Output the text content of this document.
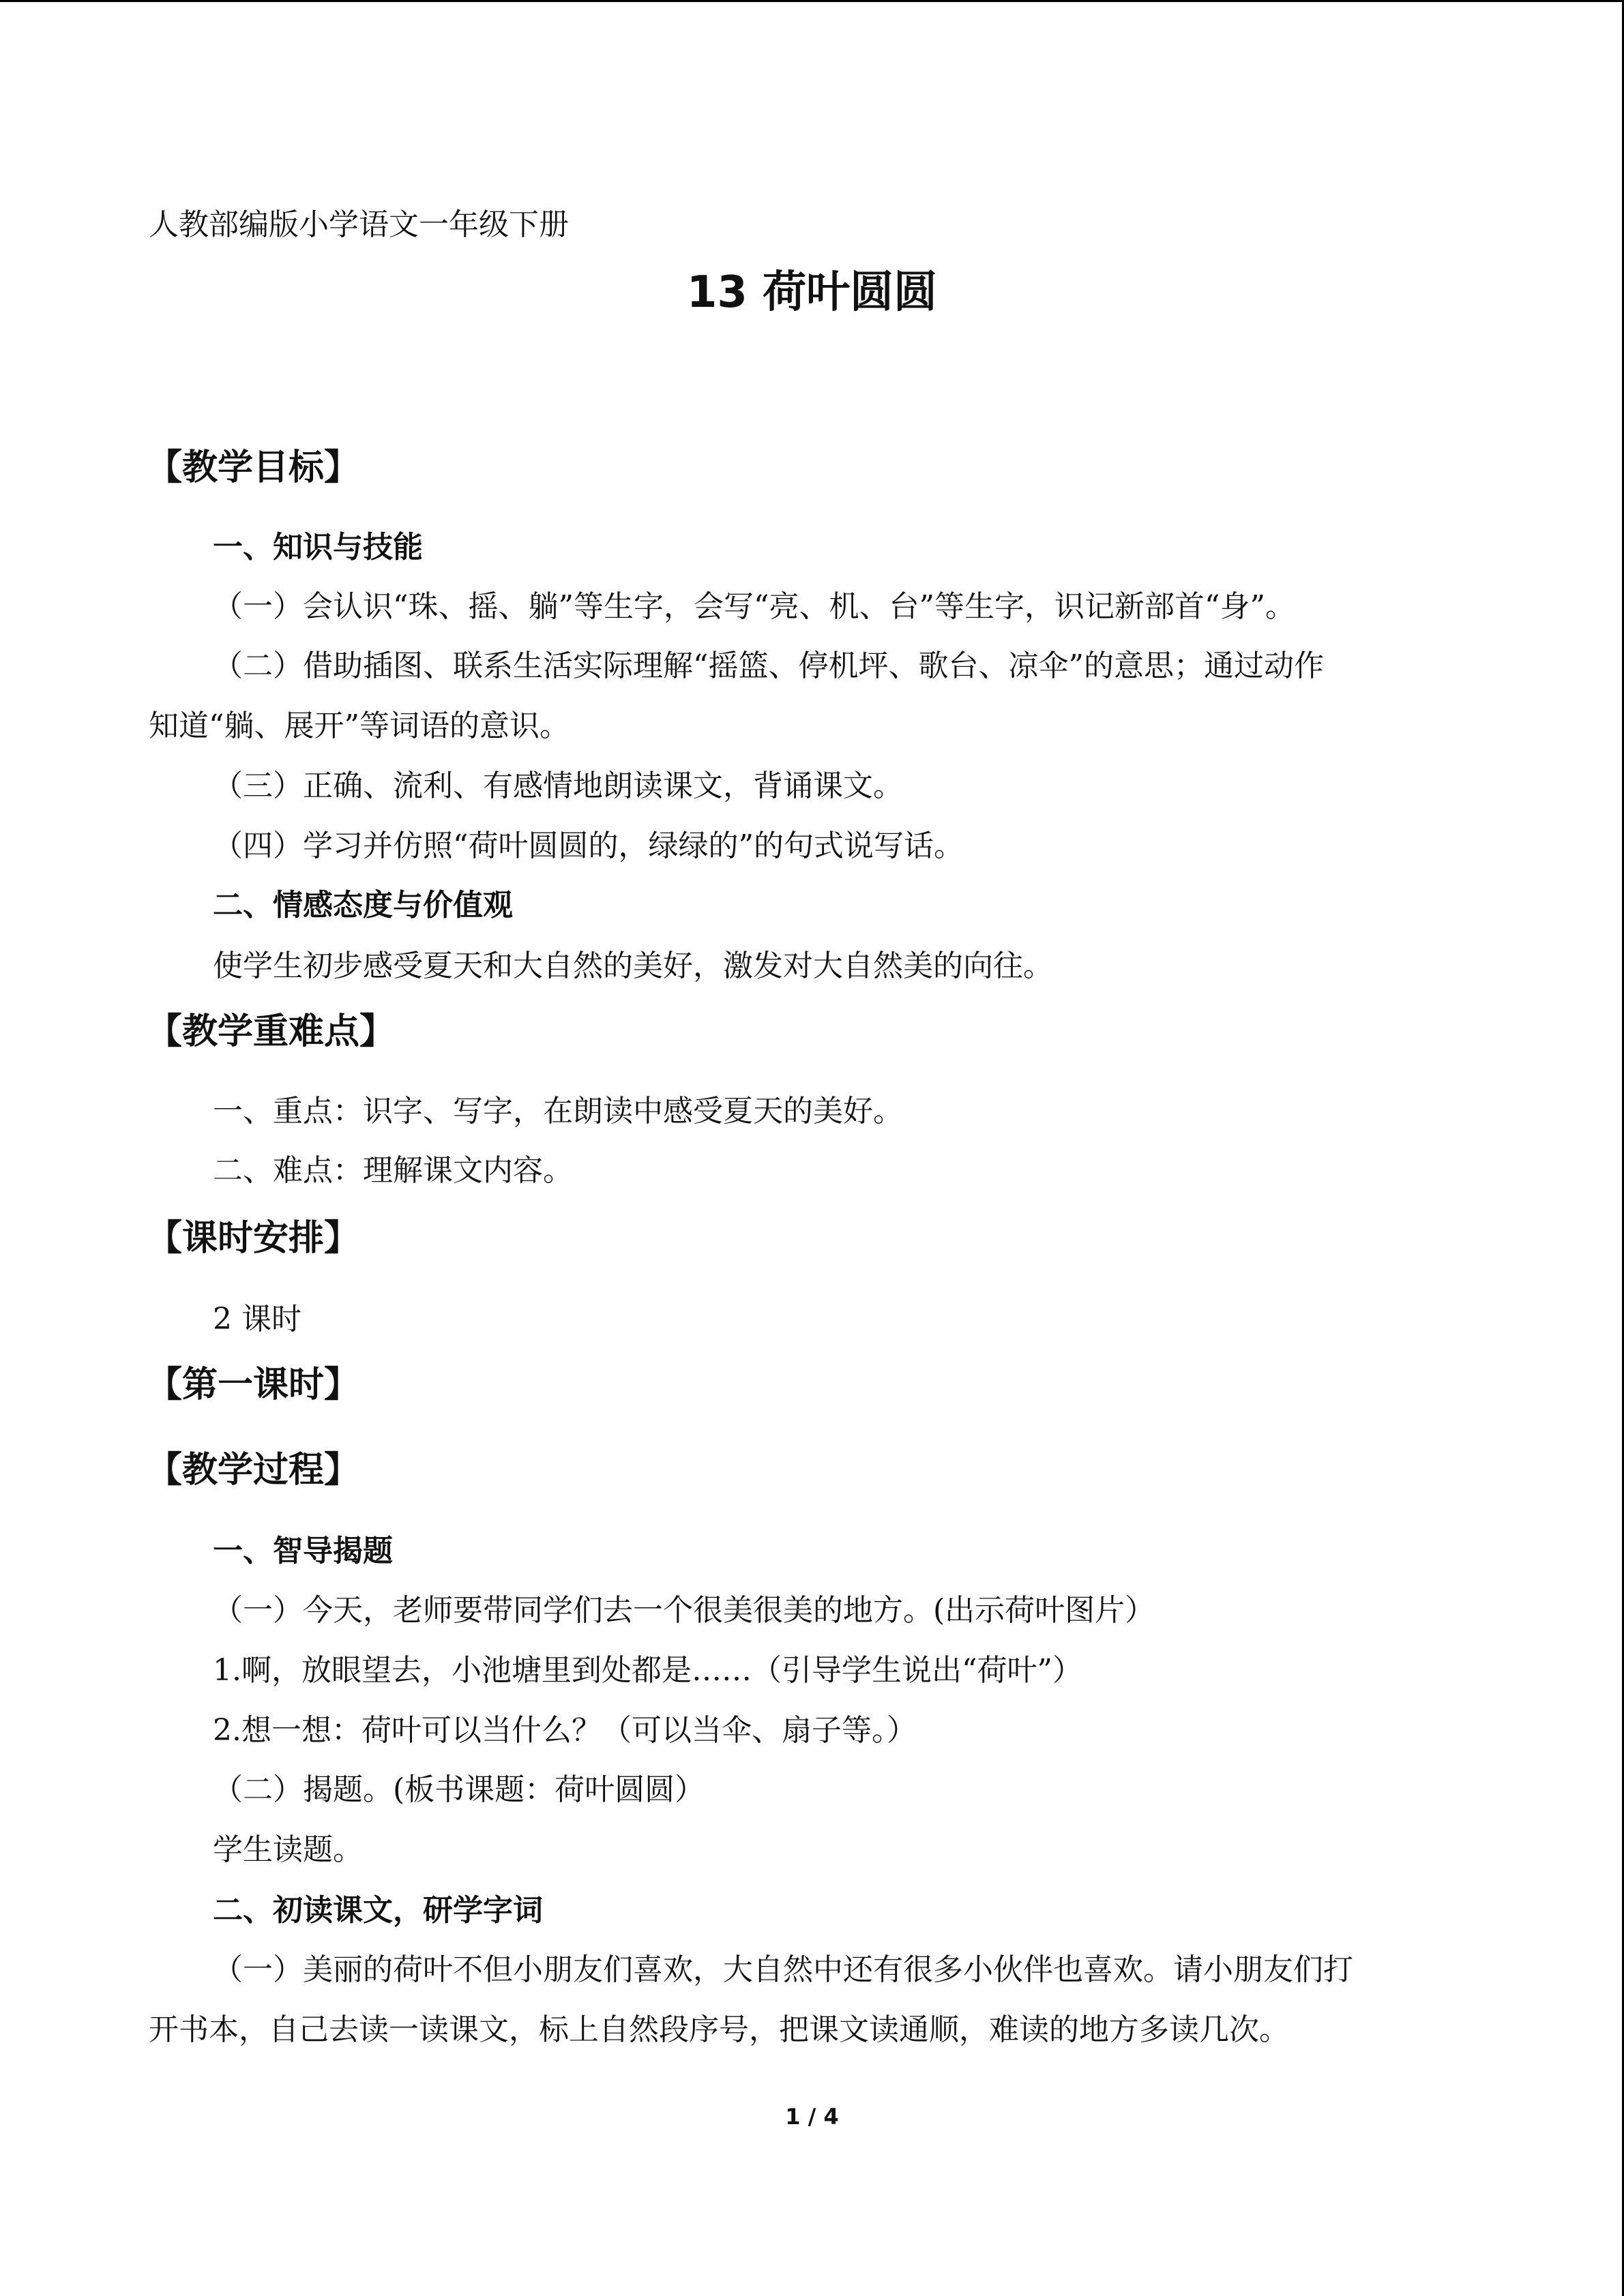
人教部编版小学语文一年级下册
13 荷叶圆圆
【教学目标】
一、知识与技能
（一）会认识“珠、摇、躺”等生字，会写“亮、机、台”等生字，识记新部首“身”。
（二）借助插图、联系生活实际理解“摇篮、停机坪、歌台、凉伞”的意思；通过动作
知道“躺、展开”等词语的意识。
（三）正确、流利、有感情地朗读课文，背诵课文。
（四）学习并仿照“荷叶圆圆的，绿绿的”的句式说写话。
二、情感态度与价值观
使学生初步感受夏天和大自然的美好，激发对大自然美的向往。
【教学重难点】
一、重点：识字、写字，在朗读中感受夏天的美好。
二、难点：理解课文内容。
【课时安排】
2 课时
【第一课时】
【教学过程】
一、智导揭题
（一）今天，老师要带同学们去一个很美很美的地方。(出示荷叶图片）
1.啊，放眼望去，小池塘里到处都是……（引导学生说出“荷叶”）
2.想一想：荷叶可以当什么？（可以当伞、扇子等。）
（二）揭题。(板书课题：荷叶圆圆）
学生读题。
二、初读课文，研学字词
（一）美丽的荷叶不但小朋友们喜欢，大自然中还有很多小伙伴也喜欢。请小朋友们打
开书本，自己去读一读课文，标上自然段序号，把课文读通顺，难读的地方多读几次。
1 / 4
